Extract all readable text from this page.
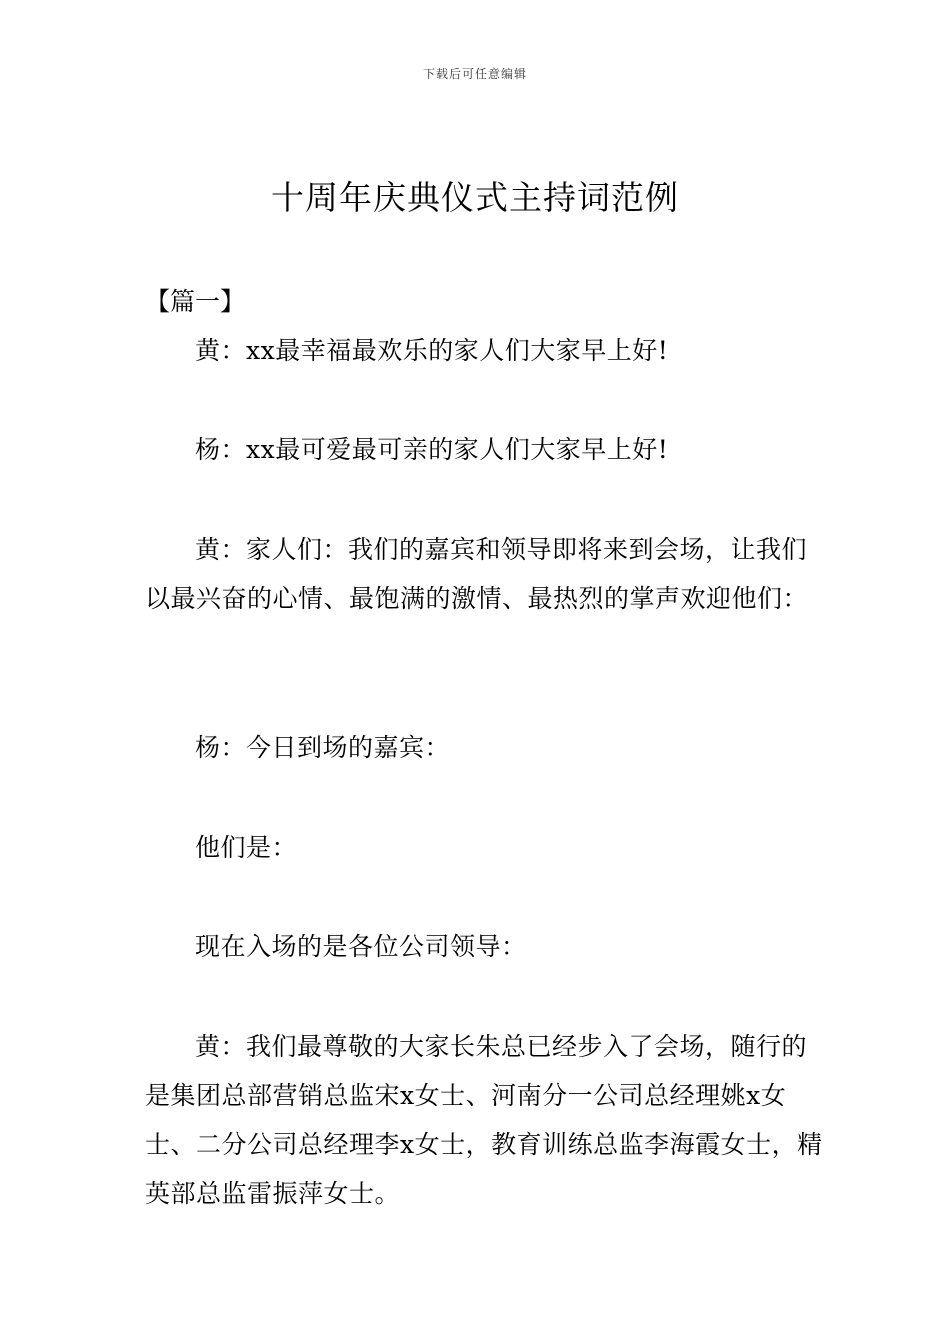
下载后可任意编辑
十周年庆典仪式主持词范例

【篇一】

黄：xx最幸福最欢乐的家人们大家早上好!

杨：xx最可爱最可亲的家人们大家早上好!

黄：家人们：我们的嘉宾和领导即将来到会场，让我们以最兴奋的心情、最饱满的激情、最热烈的掌声欢迎他们：

杨：今日到场的嘉宾：

他们是：

现在入场的是各位公司领导：

黄：我们最尊敬的大家长朱总已经步入了会场，随行的是集团总部营销总监宋x女士、河南分一公司总经理姚x女士、二分公司总经理李x女士，教育训练总监李海霞女士，精英部总监雷振萍女士。
